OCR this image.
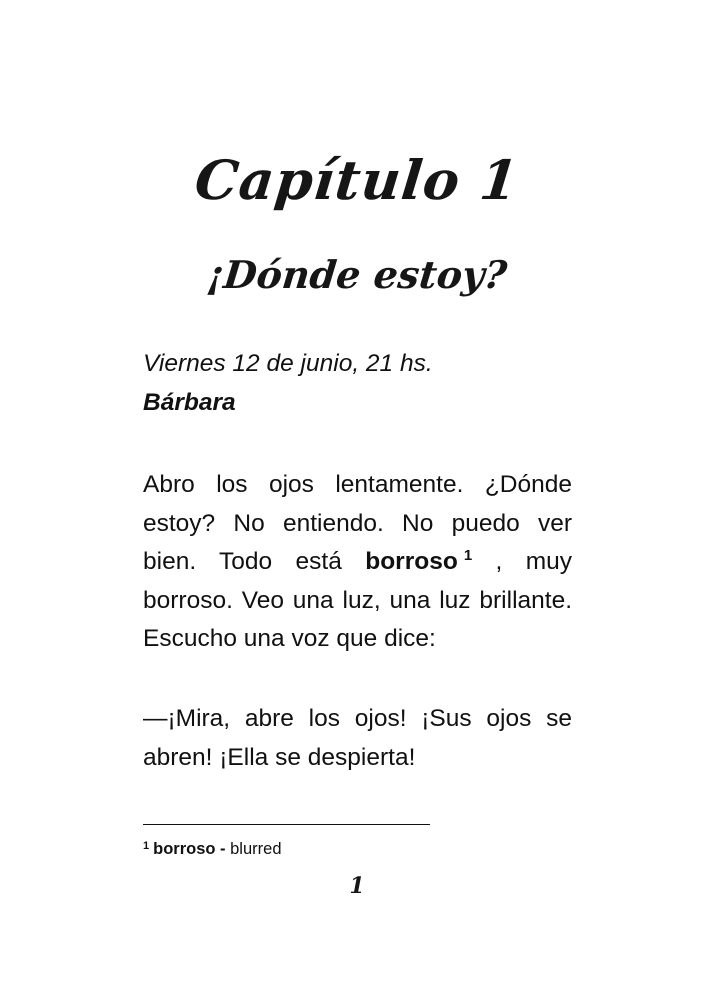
Capítulo 1
¡Dónde estoy?
Viernes 12 de junio, 21 hs.
Bárbara
Abro los ojos lentamente. ¿Dónde estoy? No entiendo. No puedo ver bien. Todo está borroso $^1$ , muy borroso. Veo una luz, una luz brillante. Escucho una voz que dice:
—¡Mira, abre los ojos! ¡Sus ojos se abren! ¡Ella se despierta!
$^1$ borroso - blurred
1
